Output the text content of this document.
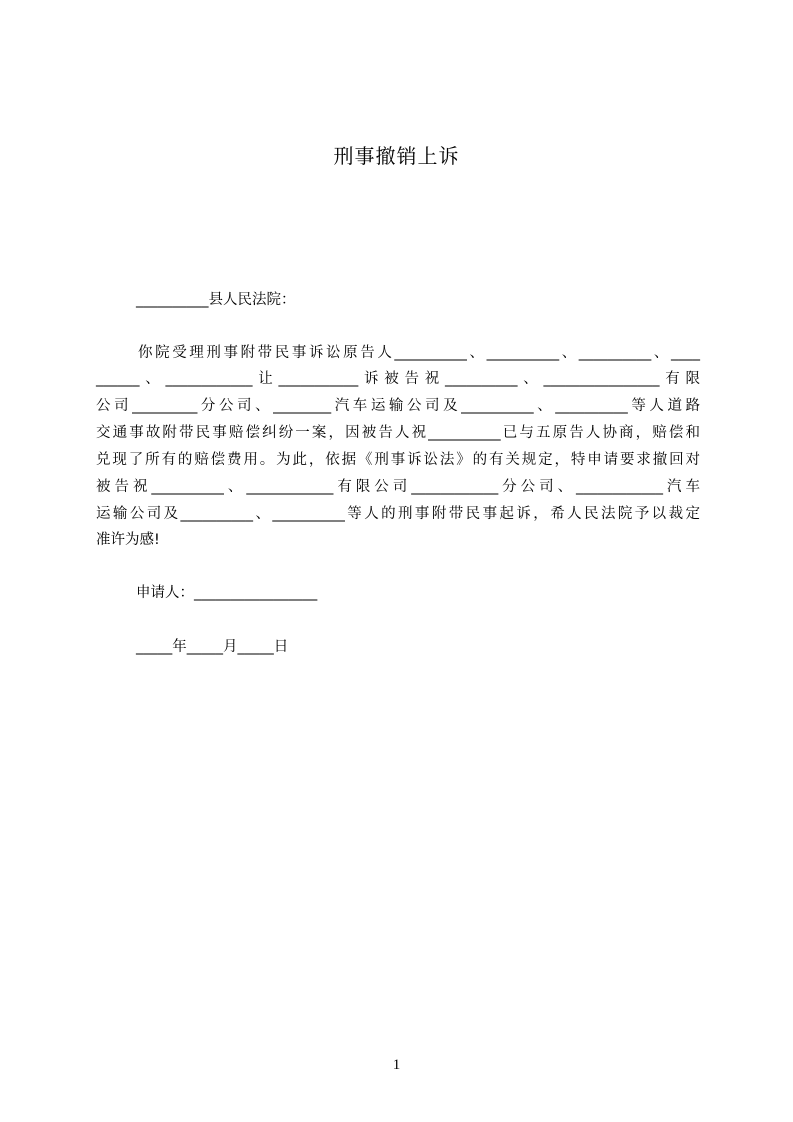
刑事撤销上诉
__________县人民法院：
你院受理刑事附带民事诉讼原告人__________、__________、__________、____
______、____________让___________诉被告祝__________、________________有限
公司_________分公司、________汽车运输公司及__________、__________等人道路
交通事故附带民事赔偿纠纷一案，因被告人祝__________已与五原告人协商，赔偿和
兑现了所有的赔偿费用。为此，依据《刑事诉讼法》的有关规定，特申请要求撤回对
被告祝__________、____________有限公司____________分公司、____________汽车
运输公司及__________、__________等人的刑事附带民事起诉，希人民法院予以裁定
准许为感!
申请人：_________________
_____年_____月_____日
1
